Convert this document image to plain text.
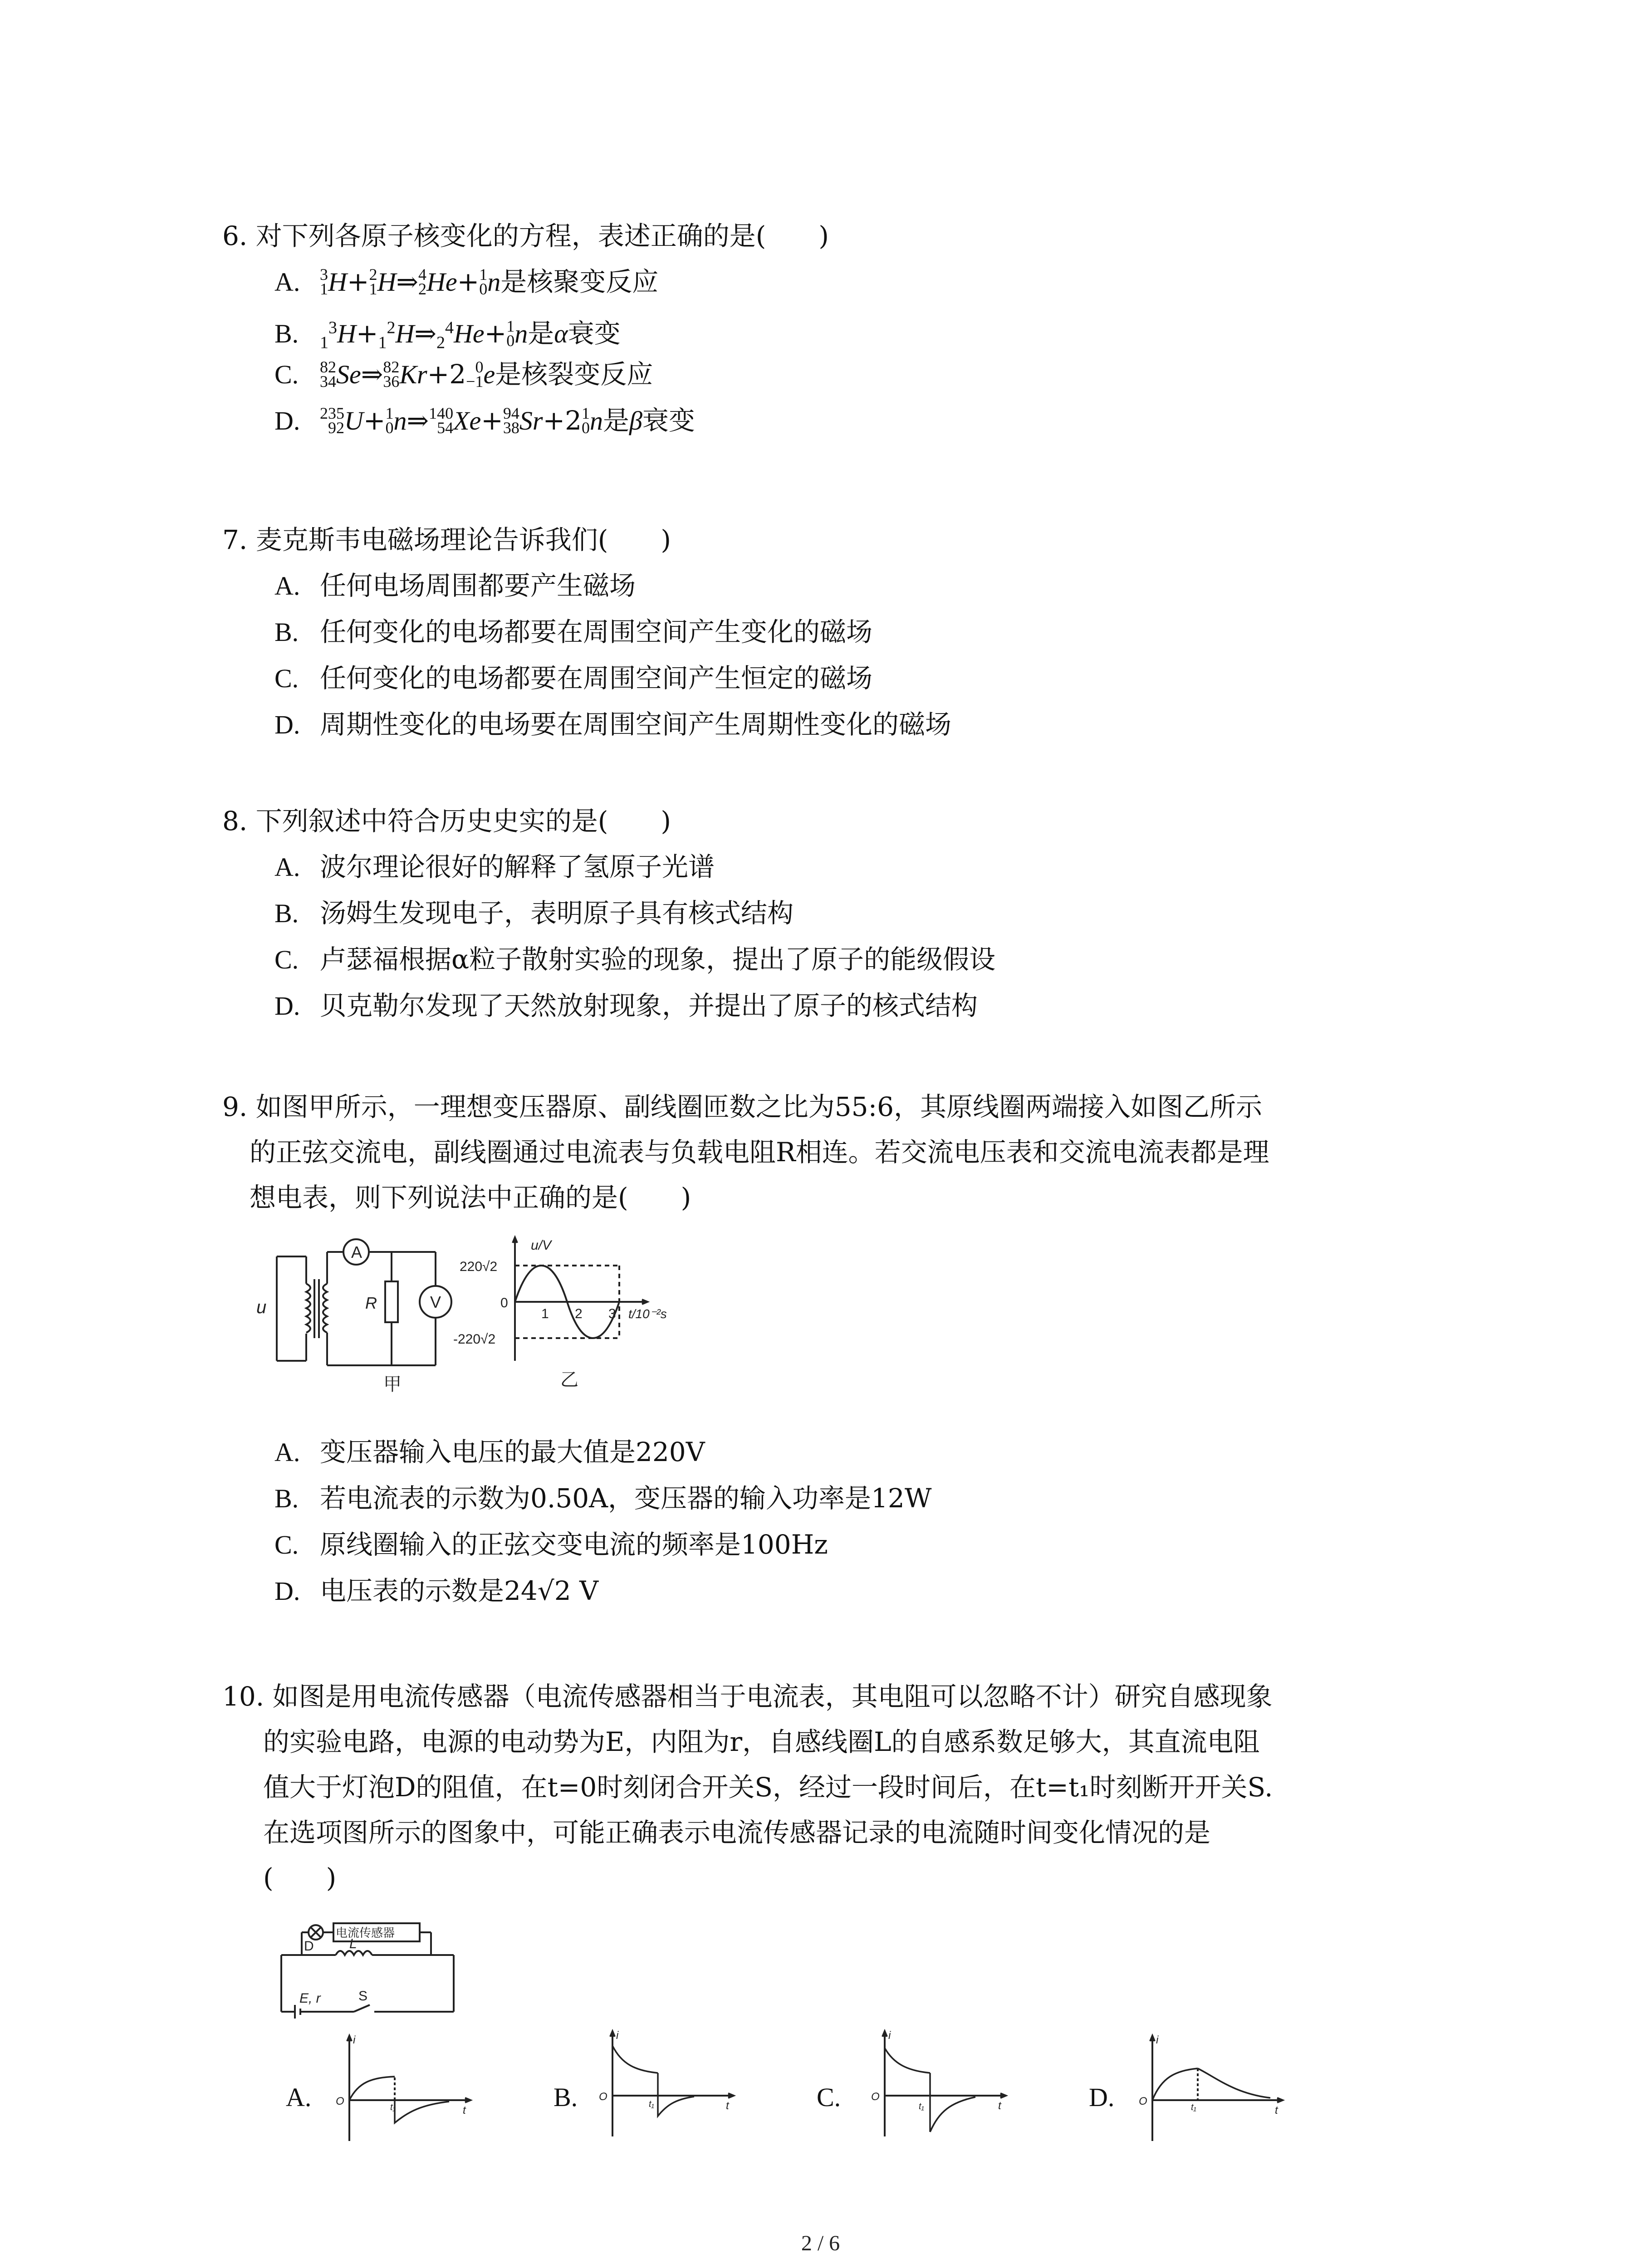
6. 对下列各原子核变化的方程，表述正确的是(　　)
A. 3
1 H+ 2
1 H⇒ 4
2 He+ 1
0 n是核聚变反应
B. $_1^3H+_1^2H\Rightarrow_2^4He+ 1$
0 n是α衰变
C. 82
34 Se⇒ 82
36 Kr+2 0
−1 e是核裂变反应
D. 235
92 U+ 1
0 n⇒ 140
54 Xe+ 94
38 Sr+2 1
0 n是β衰变
7. 麦克斯韦电磁场理论告诉我们(　　)
A. 任何电场周围都要产生磁场
B. 任何变化的电场都要在周围空间产生变化的磁场
C. 任何变化的电场都要在周围空间产生恒定的磁场
D. 周期性变化的电场要在周围空间产生周期性变化的磁场
8. 下列叙述中符合历史史实的是(　　)
A. 波尔理论很好的解释了氢原子光谱
B. 汤姆生发现电子，表明原子具有核式结构
C. 卢瑟福根据α粒子散射实验的现象，提出了原子的能级假设
D. 贝克勒尔发现了天然放射现象，并提出了原子的核式结构
9. 如图甲所示，一理想变压器原、副线圈匝数之比为55:6，其原线圈两端接入如图乙所示
的正弦交流电，副线圈通过电流表与负载电阻R相连。若交流电压表和交流电流表都是理
想电表，则下列说法中正确的是(　　)
u
A
R	V
甲
u/V
220√2
0
-220√2
1 2 3 t/10⁻²s
乙
A. 变压器输入电压的最大值是220V
B. 若电流表的示数为0.50A，变压器的输入功率是12W
C. 原线圈输入的正弦交变电流的频率是100Hz
D. 电压表的示数是24√2 V
10. 如图是用电流传感器（电流传感器相当于电流表，其电阻可以忽略不计）研究自感现象
的实验电路，电源的电动势为E，内阻为r，自感线圈L的自感系数足够大，其直流电阻
值大于灯泡D的阻值，在t=0时刻闭合开关S，经过一段时间后，在t=t₁时刻断开开关S.
在选项图所示的图象中，可能正确表示电流传感器记录的电流随时间变化情况的是
(　　)
电流传感器
D	L
E, r	S
A.
i
O	t₁	t	B.
i
O
t₁	t	C.
i
O
t₁	t	D.
i
O	t₁	t
2 / 6
